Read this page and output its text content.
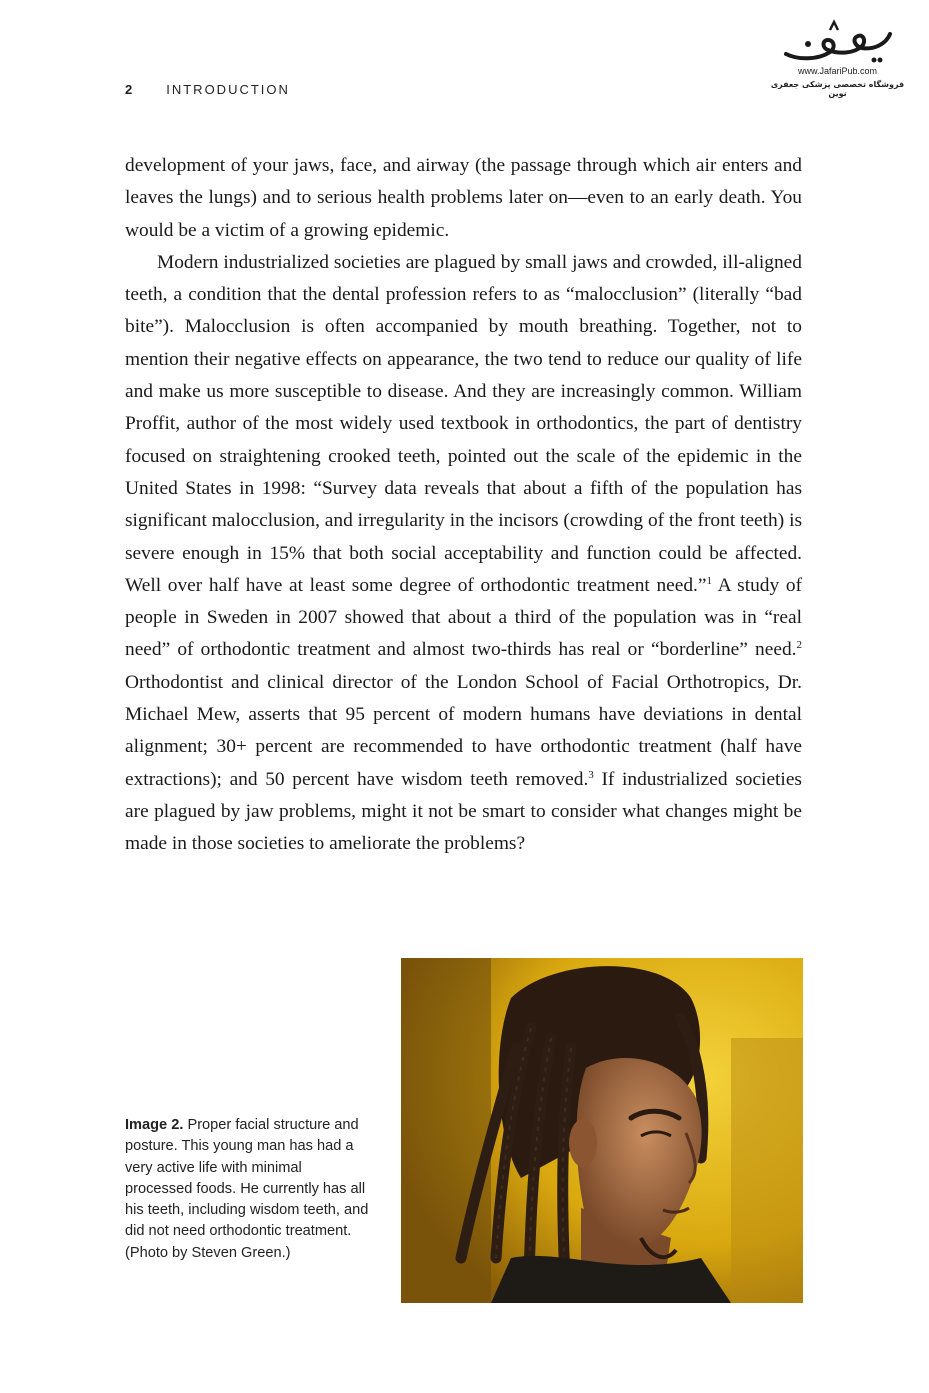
2	INTRODUCTION
www.JafariPub.com
فروشگاه تخصصی پزشکی جعفری نوین

development of your jaws, face, and airway (the passage through which air enters and leaves the lungs) and to serious health problems later on—even to an early death. You would be a victim of a growing epidemic.

Modern industrialized societies are plagued by small jaws and crowded, ill-aligned teeth, a condition that the dental profession refers to as “malocclusion” (literally “bad bite”). Malocclusion is often accompanied by mouth breathing. Together, not to mention their negative effects on appearance, the two tend to reduce our quality of life and make us more susceptible to disease. And they are increasingly common. William Proffit, author of the most widely used textbook in orthodontics, the part of dentistry focused on straightening crooked teeth, pointed out the scale of the epidemic in the United States in 1998: “Survey data reveals that about a fifth of the population has significant malocclusion, and irregularity in the incisors (crowding of the front teeth) is severe enough in 15% that both social acceptability and function could be affected. Well over half have at least some degree of orthodontic treatment need.”$^1$ A study of people in Sweden in 2007 showed that about a third of the population was in “real need” of orthodontic treatment and almost two-thirds has real or “borderline” need.$^2$ Orthodontist and clinical director of the London School of Facial Orthotropics, Dr. Michael Mew, asserts that 95 percent of modern humans have deviations in dental alignment; 30+ percent are recommended to have orthodontic treatment (half have extractions); and 50 percent have wisdom teeth removed.$^3$ If industrialized societies are plagued by jaw problems, might it not be smart to consider what changes might be made in those societies to ameliorate the problems?

Image 2. Proper facial structure and posture. This young man has had a very active life with minimal processed foods. He currently has all his teeth, including wisdom teeth, and did not need orthodontic treatment. (Photo by Steven Green.)
